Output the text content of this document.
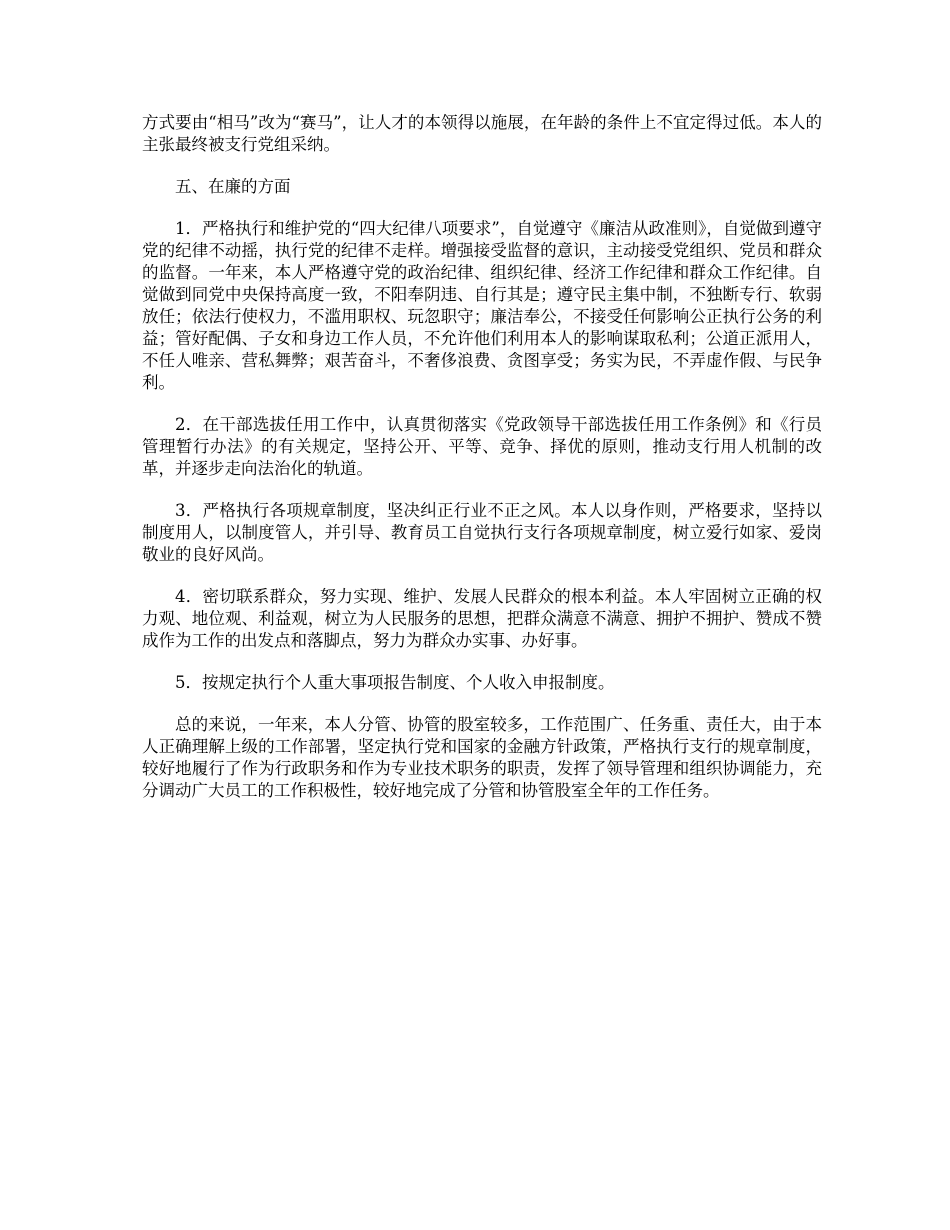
方式要由“相马”改为“赛马”，让人才的本领得以施展，在年龄的条件上不宜定得过低。本人的主张最终被支行党组采纳。

五、在廉的方面

1．严格执行和维护党的“四大纪律八项要求”，自觉遵守《廉洁从政准则》，自觉做到遵守党的纪律不动摇，执行党的纪律不走样。增强接受监督的意识，主动接受党组织、党员和群众的监督。一年来，本人严格遵守党的政治纪律、组织纪律、经济工作纪律和群众工作纪律。自觉做到同党中央保持高度一致，不阳奉阴违、自行其是；遵守民主集中制，不独断专行、软弱放任；依法行使权力，不滥用职权、玩忽职守；廉洁奉公，不接受任何影响公正执行公务的利益；管好配偶、子女和身边工作人员，不允许他们利用本人的影响谋取私利；公道正派用人，不任人唯亲、营私舞弊；艰苦奋斗，不奢侈浪费、贪图享受；务实为民，不弄虚作假、与民争利。

2．在干部选拔任用工作中，认真贯彻落实《党政领导干部选拔任用工作条例》和《行员管理暂行办法》的有关规定，坚持公开、平等、竞争、择优的原则，推动支行用人机制的改革，并逐步走向法治化的轨道。

3．严格执行各项规章制度，坚决纠正行业不正之风。本人以身作则，严格要求，坚持以制度用人，以制度管人，并引导、教育员工自觉执行支行各项规章制度，树立爱行如家、爱岗敬业的良好风尚。

4．密切联系群众，努力实现、维护、发展人民群众的根本利益。本人牢固树立正确的权力观、地位观、利益观，树立为人民服务的思想，把群众满意不满意、拥护不拥护、赞成不赞成作为工作的出发点和落脚点，努力为群众办实事、办好事。

5．按规定执行个人重大事项报告制度、个人收入申报制度。

总的来说，一年来，本人分管、协管的股室较多，工作范围广、任务重、责任大，由于本人正确理解上级的工作部署，坚定执行党和国家的金融方针政策，严格执行支行的规章制度，较好地履行了作为行政职务和作为专业技术职务的职责，发挥了领导管理和组织协调能力，充分调动广大员工的工作积极性，较好地完成了分管和协管股室全年的工作任务。
